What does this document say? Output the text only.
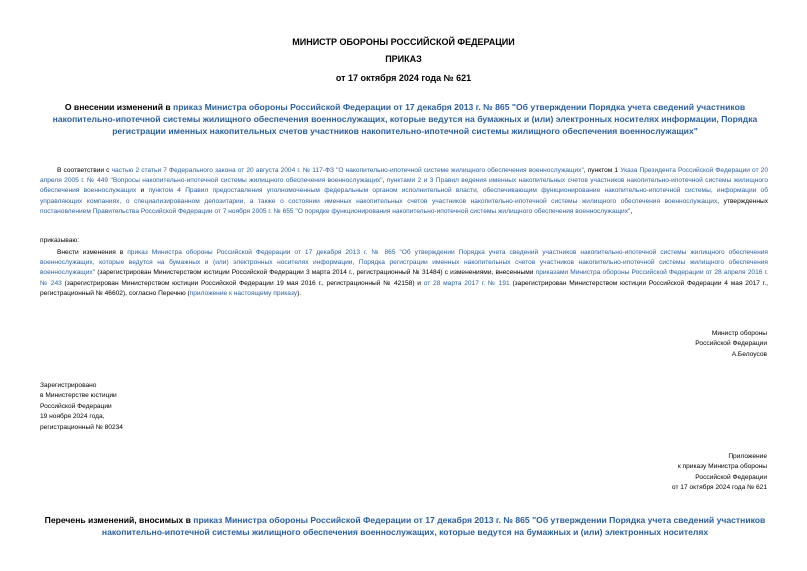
МИНИСТР ОБОРОНЫ РОССИЙСКОЙ ФЕДЕРАЦИИ
ПРИКАЗ
от 17 октября 2024 года № 621
О внесении изменений в приказ Министра обороны Российской Федерации от 17 декабря 2013 г. № 865 "Об утверждении Порядка учета сведений участников накопительно-ипотечной системы жилищного обеспечения военнослужащих, которые ведутся на бумажных и (или) электронных носителях информации, Порядка регистрации именных накопительных счетов участников накопительно-ипотечной системы жилищного обеспечения военнослужащих"
В соответствии с частью 2 статьи 7 Федерального закона от 20 августа 2004 г. № 117-ФЗ "О накопительно-ипотечной системе жилищного обеспечения военнослужащих", пунктом 1 Указа Президента Российской Федерации от 20 апреля 2005 г. № 449 "Вопросы накопительно-ипотечной системы жилищного обеспечения военнослужащих", пунктами 2 и 3 Правил ведения именных накопительных счетов участников накопительно-ипотечной системы жилищного обеспечения военнослужащих и пунктом 4 Правил предоставления уполномоченным федеральным органом исполнительной власти, обеспечивающим функционирование накопительно-ипотечной системы, информации об управляющих компаниях, о специализированном депозитарии, а также о состоянии именных накопительных счетов участников накопительно-ипотечной системы жилищного обеспечения военнослужащих, утвержденных постановлением Правительства Российской Федерации от 7 ноября 2005 г. № 655 "О порядке функционирования накопительно-ипотечной системы жилищного обеспечения военнослужащих",
приказываю:
Внести изменения в приказ Министра обороны Российской Федерации от 17 декабря 2013 г. № 865 "Об утверждении Порядка учета сведений участников накопительно-ипотечной системы жилищного обеспечения военнослужащих, которые ведутся на бумажных и (или) электронных носителях информации, Порядка регистрации именных накопительных счетов участников накопительно-ипотечной системы жилищного обеспечения военнослужащих" (зарегистрирован Министерством юстиции Российской Федерации 3 марта 2014 г., регистрационный № 31484) с изменениями, внесенными приказами Министра обороны Российской Федерации от 28 апреля 2016 г. № 243 (зарегистрирован Министерством юстиции Российской Федерации 19 мая 2016 г., регистрационный № 42158) и от 28 марта 2017 г. № 191 (зарегистрирован Министерством юстиции Российской Федерации 4 мая 2017 г., регистрационный № 46602), согласно Перечню (приложение к настоящему приказу).
Министр обороны
Российской Федерации
А.Белоусов
Зарегистрировано
в Министерстве юстиции
Российской Федерации
19 ноября 2024 года,
регистрационный № 80234
Приложение
к приказу Министра обороны
Российской Федерации
от 17 октября 2024 года № 621
Перечень изменений, вносимых в приказ Министра обороны Российской Федерации от 17 декабря 2013 г. № 865 "Об утверждении Порядка учета сведений участников накопительно-ипотечной системы жилищного обеспечения военнослужащих, которые ведутся на бумажных и (или) электронных носителях
